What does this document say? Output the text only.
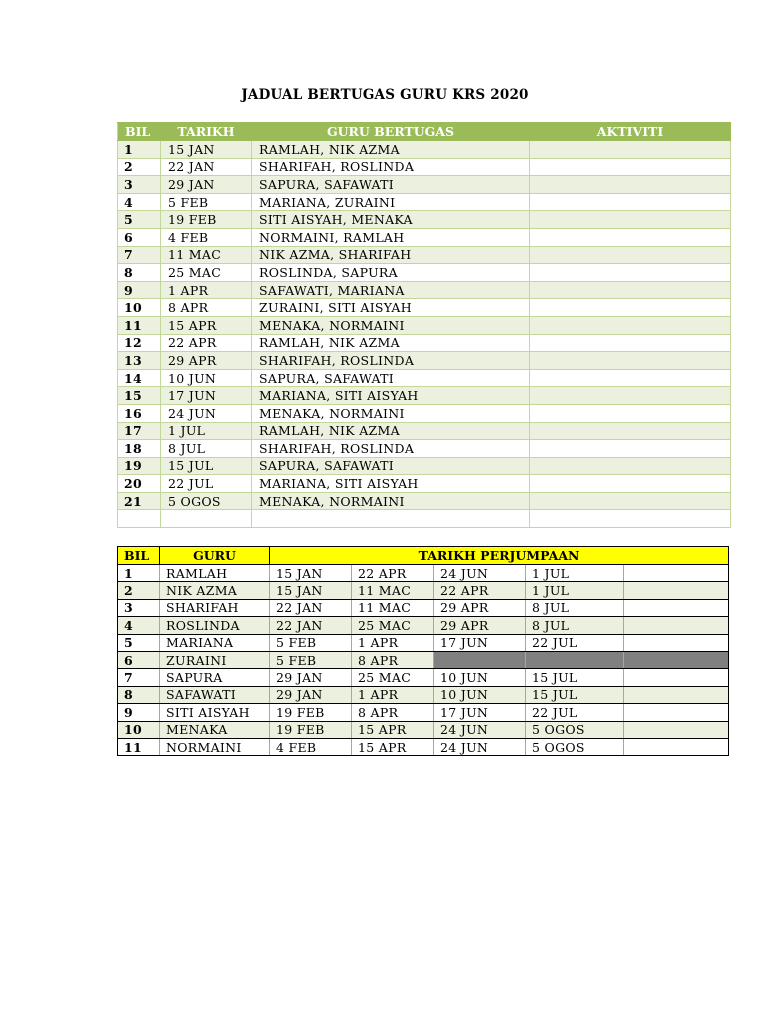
JADUAL BERTUGAS GURU KRS 2020
BIL	TARIKH	GURU BERTUGAS	AKTIVITI
1	15 JAN	RAMLAH, NIK AZMA	
2	22 JAN	SHARIFAH, ROSLINDA	
3	29 JAN	SAPURA, SAFAWATI	
4	5 FEB	MARIANA, ZURAINI	
5	19 FEB	SITI AISYAH, MENAKA	
6	4 FEB	NORMAINI, RAMLAH	
7	11 MAC	NIK AZMA, SHARIFAH	
8	25 MAC	ROSLINDA, SAPURA	
9	1 APR	SAFAWATI, MARIANA	
10	8 APR	ZURAINI, SITI AISYAH	
11	15 APR	MENAKA, NORMAINI	
12	22 APR	RAMLAH, NIK AZMA	
13	29 APR	SHARIFAH, ROSLINDA	
14	10 JUN	SAPURA, SAFAWATI	
15	17 JUN	MARIANA, SITI AISYAH	
16	24 JUN	MENAKA, NORMAINI	
17	1 JUL	RAMLAH, NIK AZMA	
18	8 JUL	SHARIFAH, ROSLINDA	
19	15 JUL	SAPURA, SAFAWATI	
20	22 JUL	MARIANA, SITI AISYAH	
21	5 OGOS	MENAKA, NORMAINI	

BIL	GURU	TARIKH PERJUMPAAN				
1	RAMLAH	15 JAN	22 APR	24 JUN	1 JUL	
2	NIK AZMA	15 JAN	11 MAC	22 APR	1 JUL	
3	SHARIFAH	22 JAN	11 MAC	29 APR	8 JUL	
4	ROSLINDA	22 JAN	25 MAC	29 APR	8 JUL	
5	MARIANA	5 FEB	1 APR	17 JUN	22 JUL	
6	ZURAINI	5 FEB	8 APR			
7	SAPURA	29 JAN	25 MAC	10 JUN	15 JUL	
8	SAFAWATI	29 JAN	1 APR	10 JUN	15 JUL	
9	SITI AISYAH	19 FEB	8 APR	17 JUN	22 JUL	
10	MENAKA	19 FEB	15 APR	24 JUN	5 OGOS	
11	NORMAINI	4 FEB	15 APR	24 JUN	5 OGOS	
